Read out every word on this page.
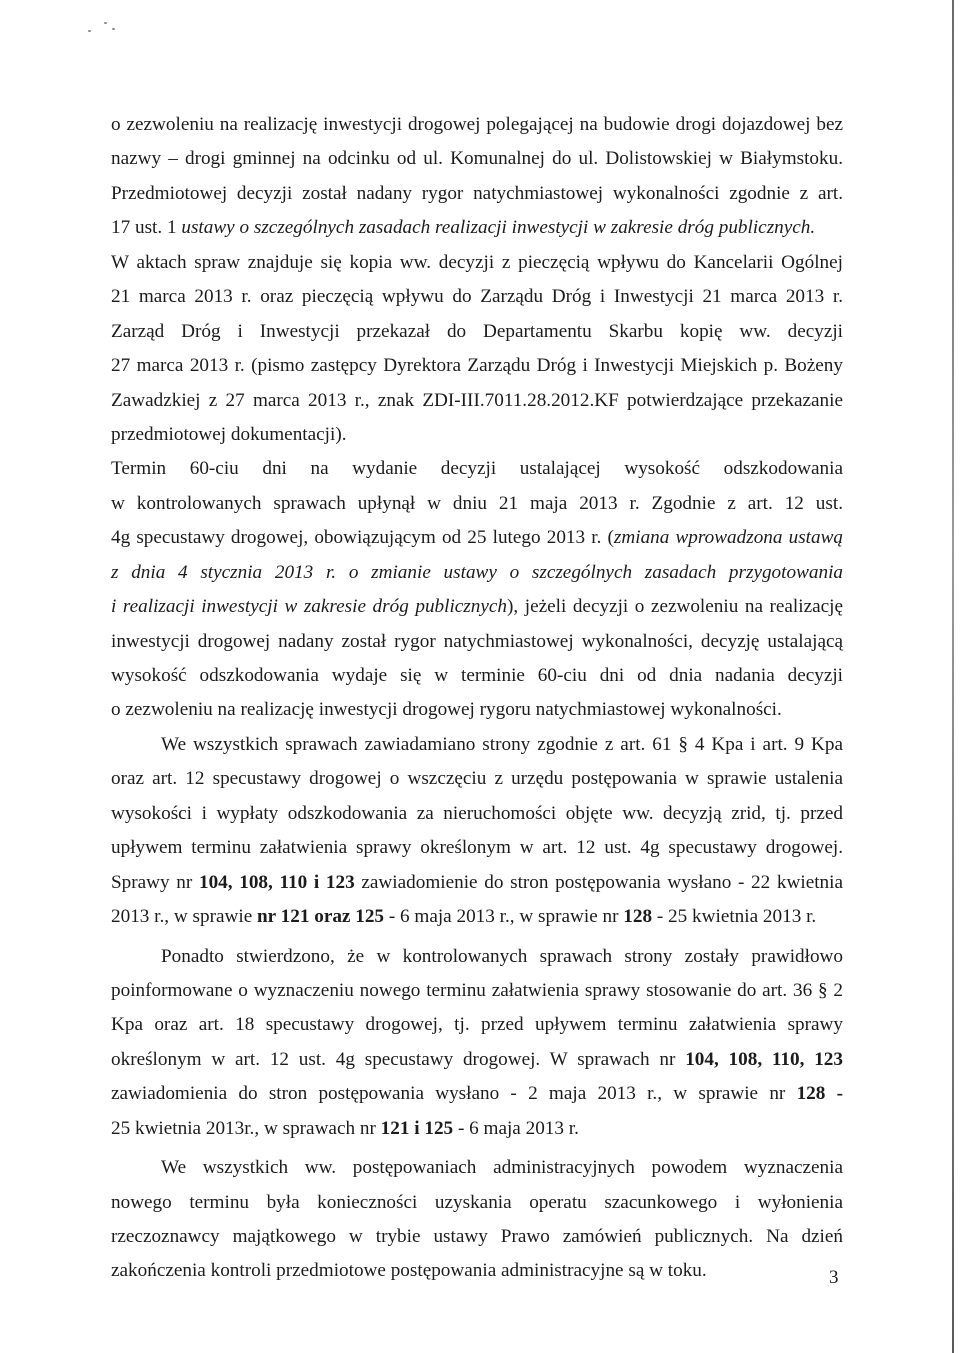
o zezwoleniu na realizację inwestycji drogowej polegającej na budowie drogi dojazdowej bez
nazwy – drogi gminnej na odcinku od ul. Komunalnej do ul. Dolistowskiej w Białymstoku.
Przedmiotowej decyzji został nadany rygor natychmiastowej wykonalności zgodnie z art.
17 ust. 1 ustawy o szczególnych zasadach realizacji inwestycji w zakresie dróg publicznych.
W aktach spraw znajduje się kopia ww. decyzji z pieczęcią wpływu do Kancelarii Ogólnej
21 marca 2013 r. oraz pieczęcią wpływu do Zarządu Dróg i Inwestycji 21 marca 2013 r.
Zarząd Dróg i Inwestycji przekazał do Departamentu Skarbu kopię ww. decyzji
27 marca 2013 r. (pismo zastępcy Dyrektora Zarządu Dróg i Inwestycji Miejskich p. Bożeny
Zawadzkiej z 27 marca 2013 r., znak ZDI-III.7011.28.2012.KF potwierdzające przekazanie
przedmiotowej dokumentacji).
Termin 60-ciu dni na wydanie decyzji ustalającej wysokość odszkodowania
w kontrolowanych sprawach upłynął w dniu 21 maja 2013 r. Zgodnie z art. 12 ust.
4g specustawy drogowej, obowiązującym od 25 lutego 2013 r. (zmiana wprowadzona ustawą
z dnia 4 stycznia 2013 r. o zmianie ustawy o szczególnych zasadach przygotowania
i realizacji inwestycji w zakresie dróg publicznych), jeżeli decyzji o zezwoleniu na realizację
inwestycji drogowej nadany został rygor natychmiastowej wykonalności, decyzję ustalającą
wysokość odszkodowania wydaje się w terminie 60-ciu dni od dnia nadania decyzji
o zezwoleniu na realizację inwestycji drogowej rygoru natychmiastowej wykonalności.
We wszystkich sprawach zawiadamiano strony zgodnie z art. 61 § 4 Kpa i art. 9 Kpa
oraz art. 12 specustawy drogowej o wszczęciu z urzędu postępowania w sprawie ustalenia
wysokości i wypłaty odszkodowania za nieruchomości objęte ww. decyzją zrid, tj. przed
upływem terminu załatwienia sprawy określonym w art. 12 ust. 4g specustawy drogowej.
Sprawy nr 104, 108, 110 i 123 zawiadomienie do stron postępowania wysłano - 22 kwietnia
2013 r., w sprawie nr 121 oraz 125 - 6 maja 2013 r., w sprawie nr 128 - 25 kwietnia 2013 r.
Ponadto stwierdzono, że w kontrolowanych sprawach strony zostały prawidłowo
poinformowane o wyznaczeniu nowego terminu załatwienia sprawy stosowanie do art. 36 § 2
Kpa oraz art. 18 specustawy drogowej, tj. przed upływem terminu załatwienia sprawy
określonym w art. 12 ust. 4g specustawy drogowej. W sprawach nr 104, 108, 110, 123
zawiadomienia do stron postępowania wysłano - 2 maja 2013 r., w sprawie nr 128 -
25 kwietnia 2013r., w sprawach nr 121 i 125 - 6 maja 2013 r.
We wszystkich ww. postępowaniach administracyjnych powodem wyznaczenia
nowego terminu była konieczności uzyskania operatu szacunkowego i wyłonienia
rzeczoznawcy majątkowego w trybie ustawy Prawo zamówień publicznych. Na dzień
zakończenia kontroli przedmiotowe postępowania administracyjne są w toku.	3
